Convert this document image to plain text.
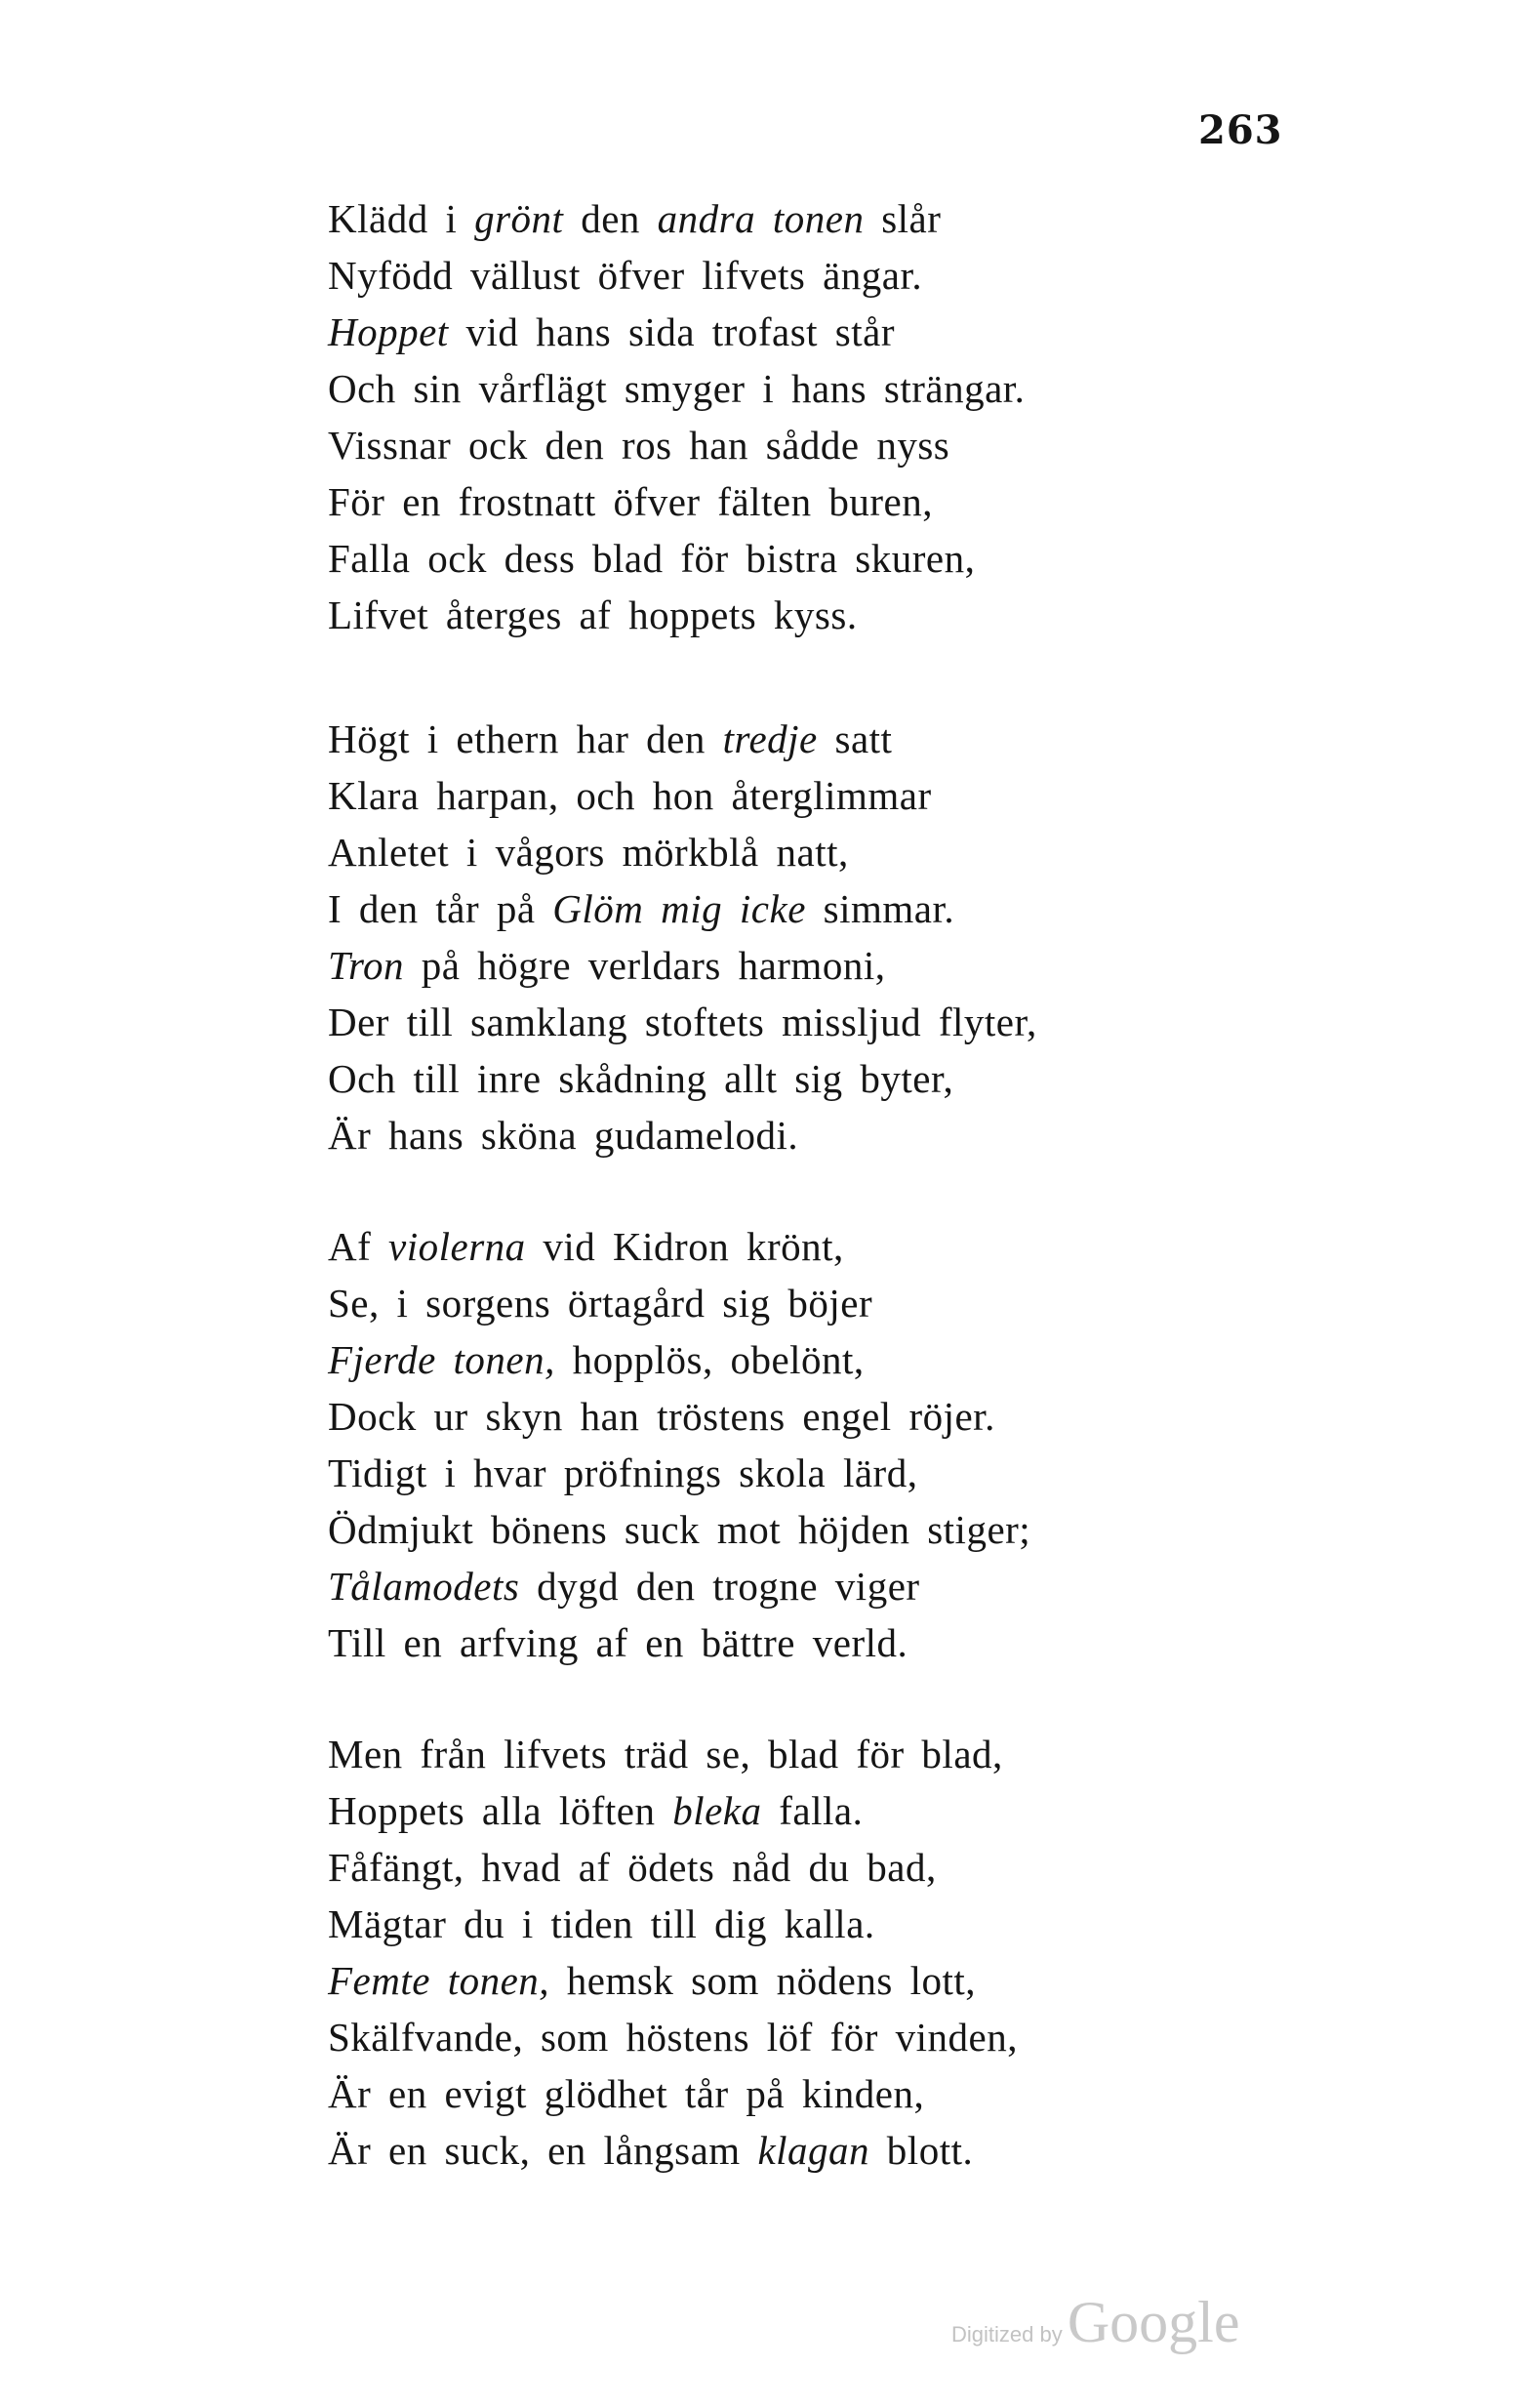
263
Klädd i grönt den andra tonen slår
Nyfödd vällust öfver lifvets ängar.
Hoppet vid hans sida trofast står
Och sin vårflägt smyger i hans strängar.
Vissnar ock den ros han sådde nyss
För en frostnatt öfver fälten buren,
Falla ock dess blad för bistra skuren,
Lifvet återges af hoppets kyss.
Högt i ethern har den tredje satt
Klara harpan, och hon återglimmar
Anletet i vågors mörkblå natt,
I den tår på Glöm mig icke simmar.
Tron på högre verldars harmoni,
Der till samklang stoftets missljud flyter,
Och till inre skådning allt sig byter,
Är hans sköna gudamelodi.
Af violerna vid Kidron krönt,
Se, i sorgens örtagård sig böjer
Fjerde tonen, hopplös, obelönt,
Dock ur skyn han tröstens engel röjer.
Tidigt i hvar pröfnings skola lärd,
Ödmjukt bönens suck mot höjden stiger;
Tålamodets dygd den trogne viger
Till en arfving af en bättre verld.
Men från lifvets träd se, blad för blad,
Hoppets alla löften bleka falla.
Fåfängt, hvad af ödets nåd du bad,
Mägtar du i tiden till dig kalla.
Femte tonen, hemsk som nödens lott,
Skälfvande, som höstens löf för vinden,
Är en evigt glödhet tår på kinden,
Är en suck, en långsam klagan blott.
Digitized by Google
